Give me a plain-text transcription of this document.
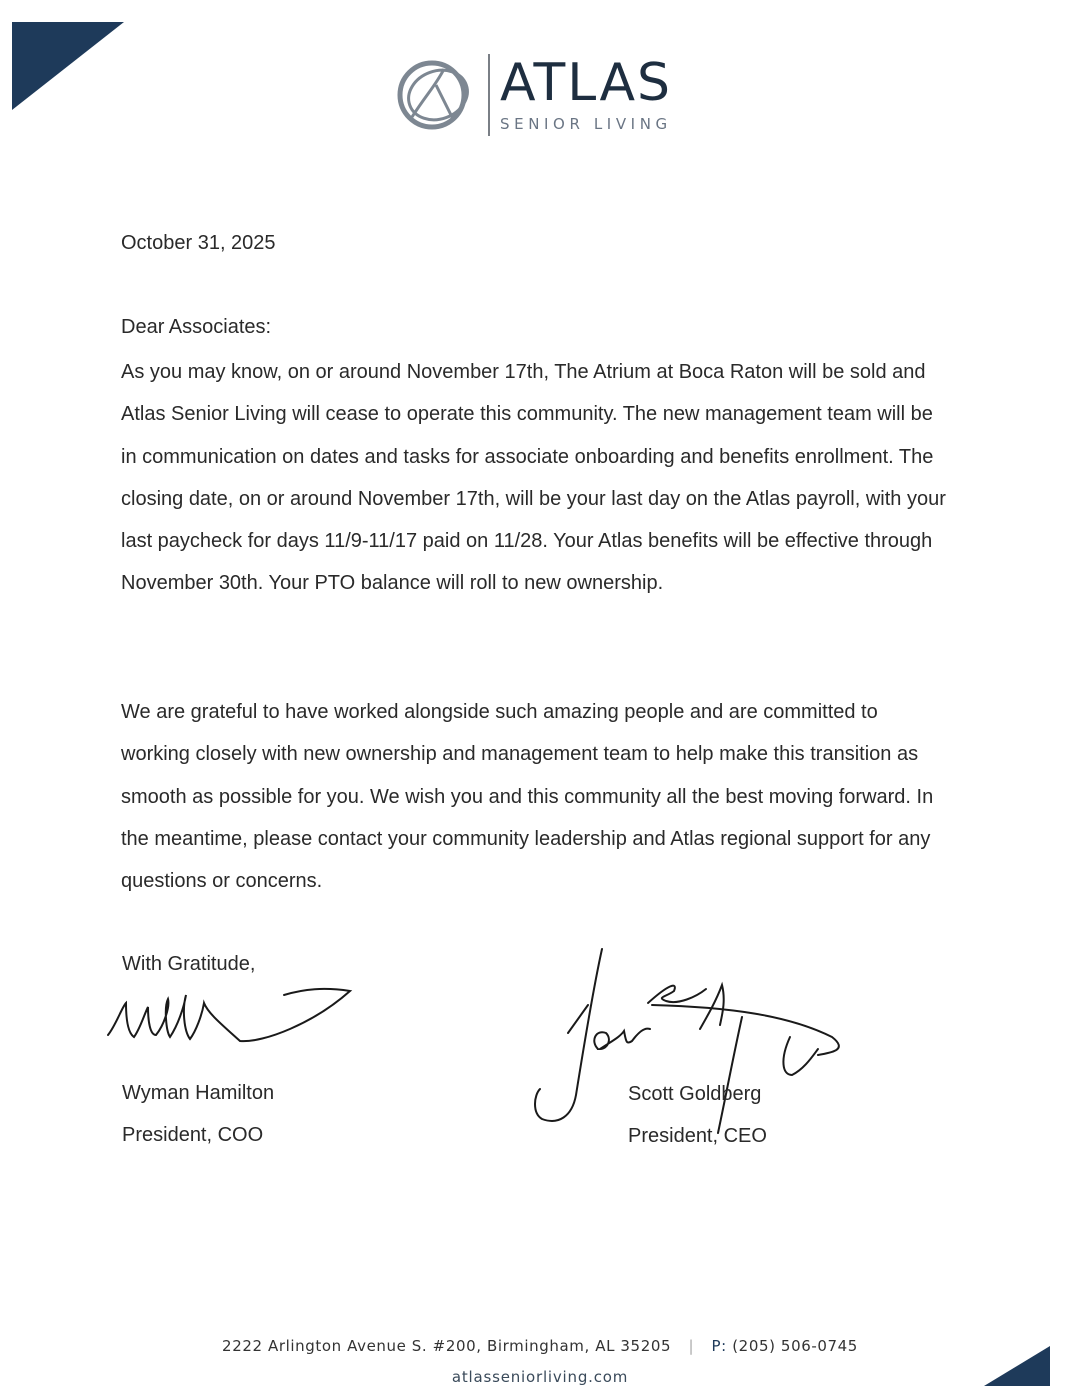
ATLAS
SENIOR LIVING
October 31, 2025
Dear Associates:
As you may know, on or around November 17th, The Atrium at Boca Raton will be sold and Atlas Senior Living will cease to operate this community. The new management team will be in communication on dates and tasks for associate onboarding and benefits enrollment. The closing date, on or around November 17th, will be your last day on the Atlas payroll, with your last paycheck for days 11/9-11/17 paid on 11/28. Your Atlas benefits will be effective through November 30th. Your PTO balance will roll to new ownership.
We are grateful to have worked alongside such amazing people and are committed to working closely with new ownership and management team to help make this transition as smooth as possible for you. We wish you and this community all the best moving forward. In the meantime, please contact your community leadership and Atlas regional support for any questions or concerns.
With Gratitude,
Wyman Hamilton
President, COO
Scott Goldberg
President, CEO
2222 Arlington Avenue S. #200, Birmingham, AL 35205 | P: (205) 506-0745
atlasseniorliving.com
